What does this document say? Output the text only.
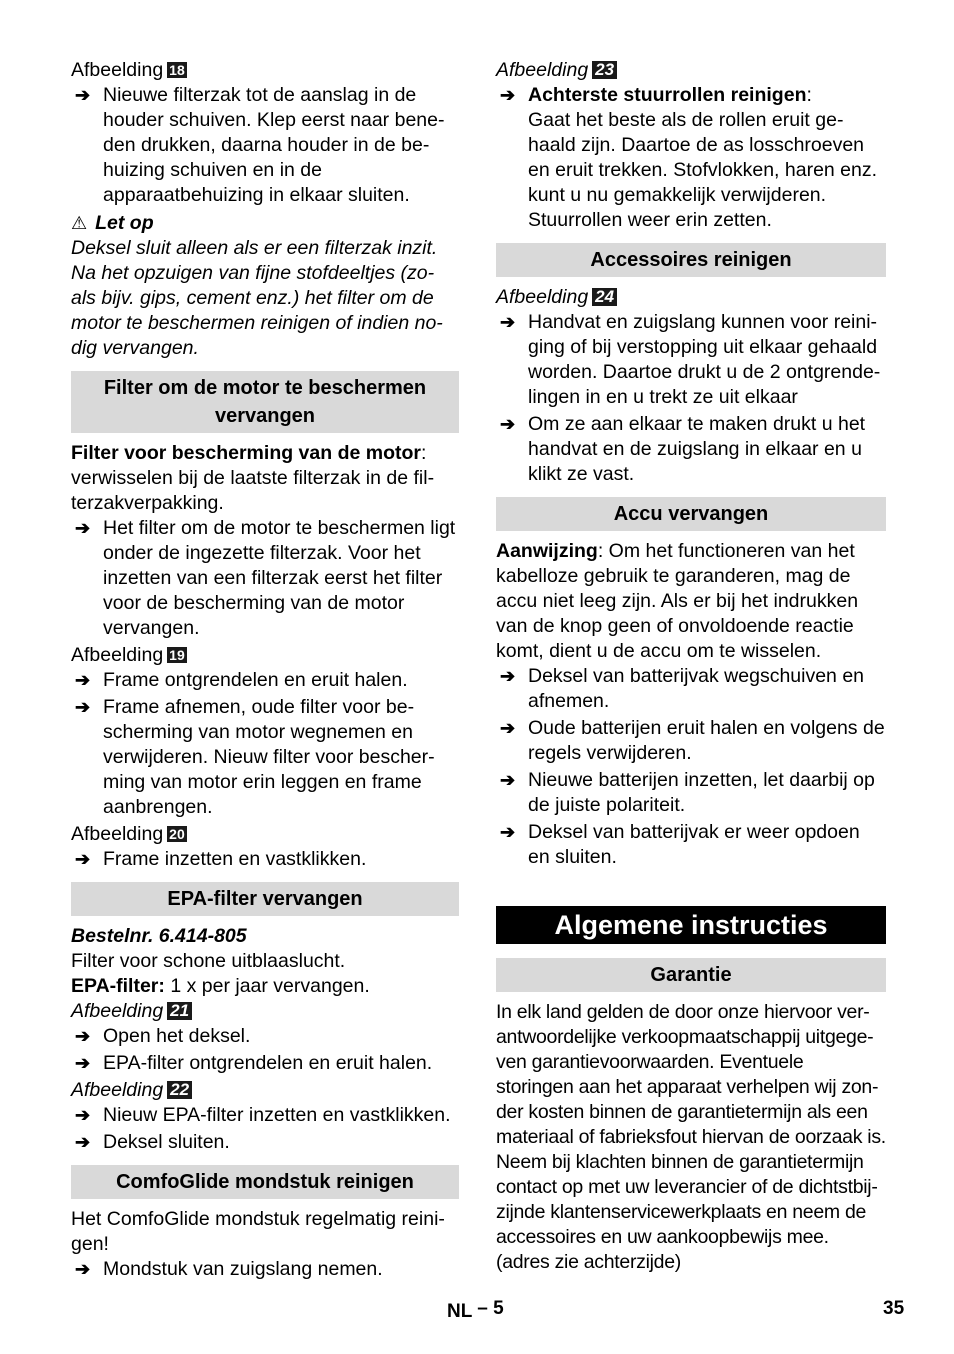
Afbeelding 18
➔ Nieuwe filterzak tot de aanslag in de houder schuiven. Klep eerst naar bene-den drukken, daarna houder in de be-huizing schuiven en in de apparaatbehuizing in elkaar sluiten.
⚠ Let op

Deksel sluit alleen als er een filterzak inzit. Na het opzuigen van fijne stofdeeltjes (zo-als bijv. gips, cement enz.) het filter om de motor te beschermen reinigen of indien no-dig vervangen.

Filter om de motor te beschermen vervangen

Filter voor bescherming van de motor: verwisselen bij de laatste filterzak in de fil-terzakverpakking.

➔ Het filter om de motor te beschermen ligt onder de ingezette filterzak. Voor het inzetten van een filterzak eerst het filter voor de bescherming van de motor vervangen.
Afbeelding 19
➔ Frame ontgrendelen en eruit halen.
➔ Frame afnemen, oude filter voor be-scherming van motor wegnemen en verwijderen. Nieuw filter voor bescher-ming van motor erin leggen en frame aanbrengen.
Afbeelding 20
➔ Frame inzetten en vastklikken.
EPA-filter vervangen

Bestelnr. 6.414-805

Filter voor schone uitblaaslucht.

EPA-filter: 1 x per jaar vervangen.

Afbeelding 21
➔ Open het deksel.
➔ EPA-filter ontgrendelen en eruit halen.
Afbeelding 22
➔ Nieuw EPA-filter inzetten en vastklikken.
➔ Deksel sluiten.
ComfoGlide mondstuk reinigen

Het ComfoGlide mondstuk regelmatig reini-gen!

➔ Mondstuk van zuigslang nemen.
Afbeelding 23
➔ Achterste stuurrollen reinigen:
Gaat het beste als de rollen eruit ge-haald zijn. Daartoe de as losschroeven en eruit trekken. Stofvlokken, haren enz. kunt u nu gemakkelijk verwijderen. Stuurrollen weer erin zetten.
Accessoires reinigen
Afbeelding 24
➔ Handvat en zuigslang kunnen voor reini-ging of bij verstopping uit elkaar gehaald worden. Daartoe drukt u de 2 ontgrende-lingen in en u trekt ze uit elkaar
➔ Om ze aan elkaar te maken drukt u het handvat en de zuigslang in elkaar en u klikt ze vast.
Accu vervangen

Aanwijzing: Om het functioneren van het kabelloze gebruik te garanderen, mag de accu niet leeg zijn. Als er bij het indrukken van de knop geen of onvoldoende reactie komt, dient u de accu om te wisselen.

➔ Deksel van batterijvak wegschuiven en afnemen.
➔ Oude batterijen eruit halen en volgens de regels verwijderen.
➔ Nieuwe batterijen inzetten, let daarbij op de juiste polariteit.
➔ Deksel van batterijvak er weer opdoen en sluiten.
Algemene instructies
Garantie

In elk land gelden de door onze hiervoor ver-antwoordelijke verkoopmaatschappij uitgege-ven garantievoorwaarden. Eventuele storingen aan het apparaat verhelpen wij zon-der kosten binnen de garantietermijn als een materiaal of fabrieksfout hiervan de oorzaak is. Neem bij klachten binnen de garantietermijn contact op met uw leverancier of de dichtstbij-zijnde klantenservicewerkplaats en neem de accessoires en uw aankoopbewijs mee. (adres zie achterzijde)

NL – 5	35
